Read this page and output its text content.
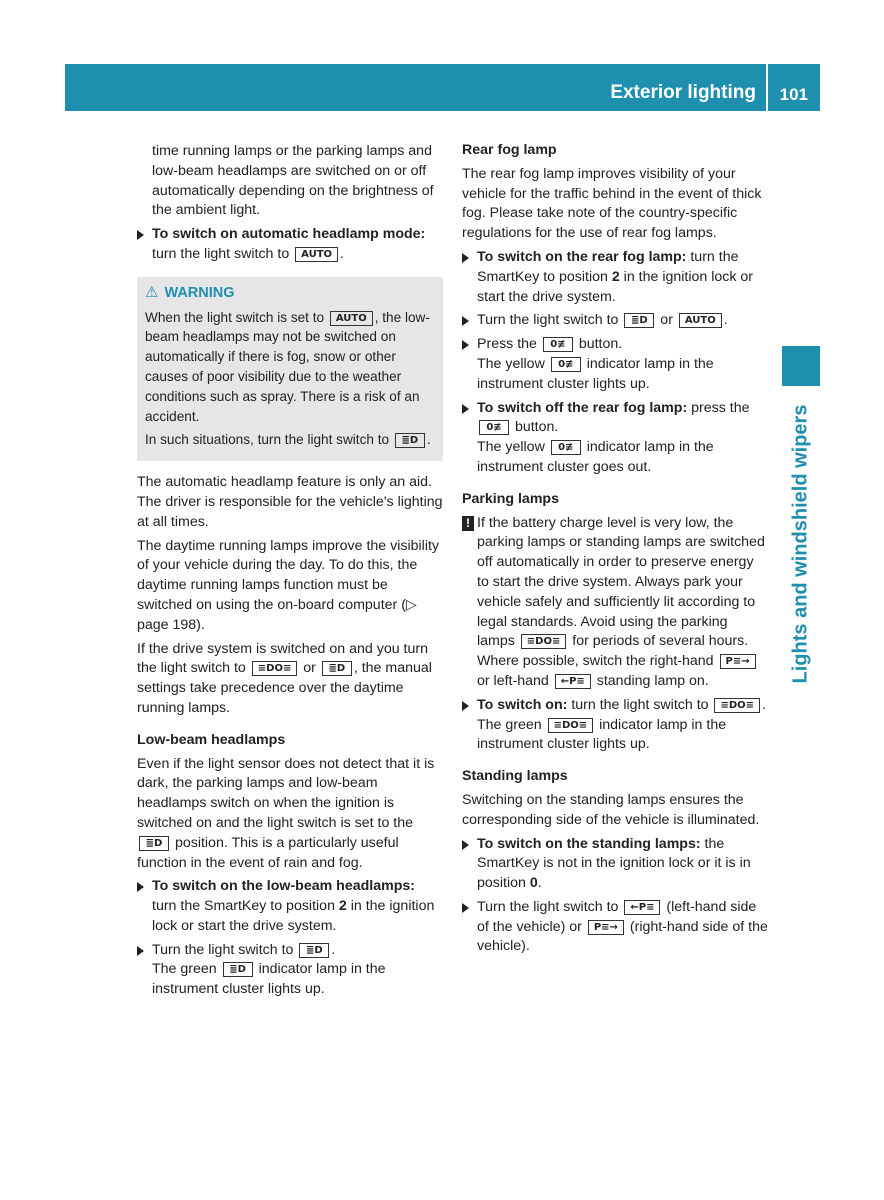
Exterior lighting 101
Lights and windshield wipers

time running lamps or the parking lamps and low-beam headlamps are switched on or off automatically depending on the brightness of the ambient light.

To switch on automatic headlamp mode: turn the light switch to AUTO .
⚠ WARNING

When the light switch is set to AUTO , the low-beam headlamps may not be switched on automatically if there is fog, snow or other causes of poor visibility due to the weather conditions such as spray. There is a risk of an accident.

In such situations, turn the light switch to ≣D .

The automatic headlamp feature is only an aid. The driver is responsible for the vehicle's lighting at all times.

The daytime running lamps improve the visibility of your vehicle during the day. To do this, the daytime running lamps function must be switched on using the on-board computer (▷ page 198).

If the drive system is switched on and you turn the light switch to ≡DO≡ or ≣D , the manual settings take precedence over the daytime running lamps.

Low-beam headlamps

Even if the light sensor does not detect that it is dark, the parking lamps and low-beam headlamps switch on when the ignition is switched on and the light switch is set to the ≣D position. This is a particularly useful function in the event of rain and fog.

To switch on the low-beam headlamps: turn the SmartKey to position 2 in the ignition lock or start the drive system.
Turn the light switch to ≣D .
The green ≣D indicator lamp in the instrument cluster lights up.

Rear fog lamp

The rear fog lamp improves visibility of your vehicle for the traffic behind in the event of thick fog. Please take note of the country-specific regulations for the use of rear fog lamps.

To switch on the rear fog lamp: turn the SmartKey to position 2 in the ignition lock or start the drive system.
Turn the light switch to ≣D or AUTO .
Press the 0≢ button.
The yellow 0≢ indicator lamp in the instrument cluster lights up.
To switch off the rear fog lamp: press the 0≢ button.
The yellow 0≢ indicator lamp in the instrument cluster goes out.

Parking lamps

! If the battery charge level is very low, the parking lamps or standing lamps are switched off automatically in order to preserve energy to start the drive system. Always park your vehicle safely and sufficiently lit according to legal standards. Avoid using the parking lamps ≡DO≡ for periods of several hours. Where possible, switch the right-hand P≡→ or left-hand ←P≡ standing lamp on.
To switch on: turn the light switch to ≡DO≡ .
The green ≡DO≡ indicator lamp in the instrument cluster lights up.

Standing lamps

Switching on the standing lamps ensures the corresponding side of the vehicle is illuminated.

To switch on the standing lamps: the SmartKey is not in the ignition lock or it is in position 0.
Turn the light switch to ←P≡ (left-hand side of the vehicle) or P≡→ (right-hand side of the vehicle).
